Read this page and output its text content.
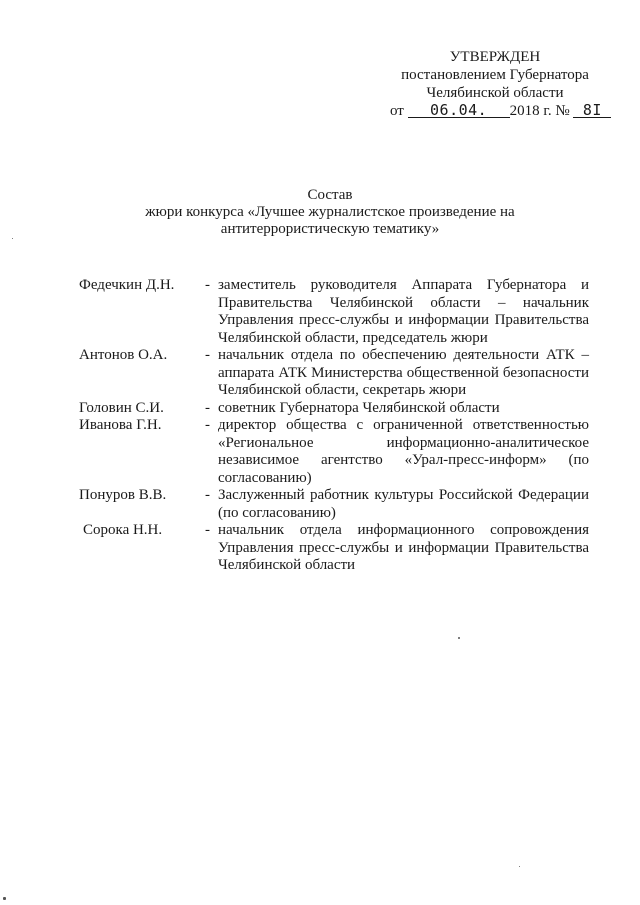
УТВЕРЖДЕН
постановлением Губернатора
Челябинской области
от 06.04. 2018 г. № 8I
Состав
жюри конкурса «Лучшее журналистское произведение на
антитеррористическую тематику»
Федечкин Д.Н.	- заместитель руководителя Аппарата Губернатора и Правительства Челябинской области – начальник Управления пресс-службы и информации Правительства Челябинской области, председатель жюри
Антонов О.А.	- начальник отдела по обеспечению деятельности АТК – аппарата АТК Министерства общественной безопасности Челябинской области, секретарь жюри
Головин С.И.	- советник Губернатора Челябинской области
Иванова Г.Н.	- директор общества с ограниченной ответственностью «Региональное информационно-аналитическое независимое агентство «Урал-пресс-информ» (по согласованию)
Понуров В.В.	- Заслуженный работник культуры Российской Федерации (по согласованию)
Сорока Н.Н.	- начальник отдела информационного сопровождения Управления пресс-службы и информации Правительства Челябинской области
